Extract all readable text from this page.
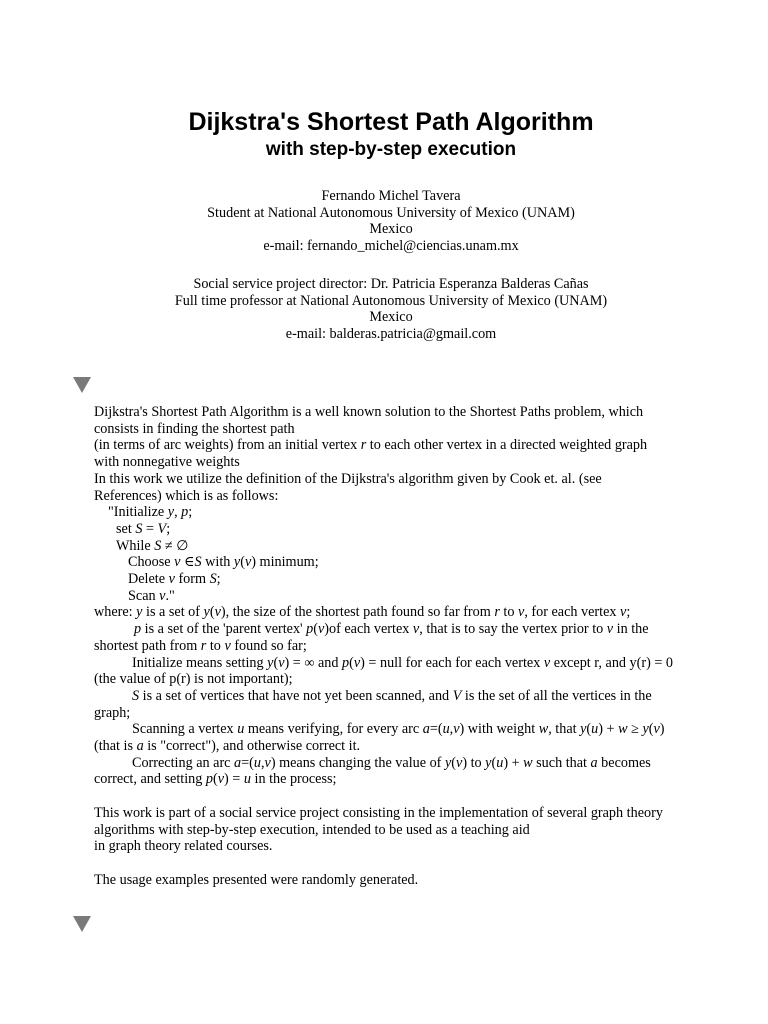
Dijkstra's Shortest Path Algorithm
with step-by-step execution
Fernando Michel Tavera
Student at National Autonomous University of Mexico (UNAM)
Mexico
e-mail: fernando_michel@ciencias.unam.mx
Social service project director: Dr. Patricia Esperanza Balderas Cañas
Full time professor at National Autonomous University of Mexico (UNAM)
Mexico
e-mail: balderas.patricia@gmail.com
Dijkstra's Shortest Path Algorithm is a well known solution to the Shortest Paths problem, which
consists in finding the shortest path
(in terms of arc weights) from an initial vertex r to each other vertex in a directed weighted graph
with nonnegative weights
In this work we utilize the definition of the Dijkstra's algorithm given by Cook et. al. (see
References) which is as follows:
"Initialize y, p;
set S = V;
While S ≠ ∅
Choose v ∈S with y(v) minimum;
Delete v form S;
Scan v."
where: y is a set of y(v), the size of the shortest path found so far from r to v, for each vertex v;
p is a set of the 'parent vertex' p(v)of each vertex v, that is to say the vertex prior to v in the
shortest path from r to v found so far;
Initialize means setting y(v) = ∞ and p(v) = null for each for each vertex v except r, and y(r) = 0
(the value of p(r) is not important);
S is a set of vertices that have not yet been scanned, and V is the set of all the vertices in the
graph;
Scanning a vertex u means verifying, for every arc a=(u,v) with weight w, that y(u) + w ≥ y(v)
(that is a is "correct"), and otherwise correct it.
Correcting an arc a=(u,v) means changing the value of y(v) to y(u) + w such that a becomes
correct, and setting p(v) = u in the process;
This work is part of a social service project consisting in the implementation of several graph theory
algorithms with step-by-step execution, intended to be used as a teaching aid
in graph theory related courses.
The usage examples presented were randomly generated.
